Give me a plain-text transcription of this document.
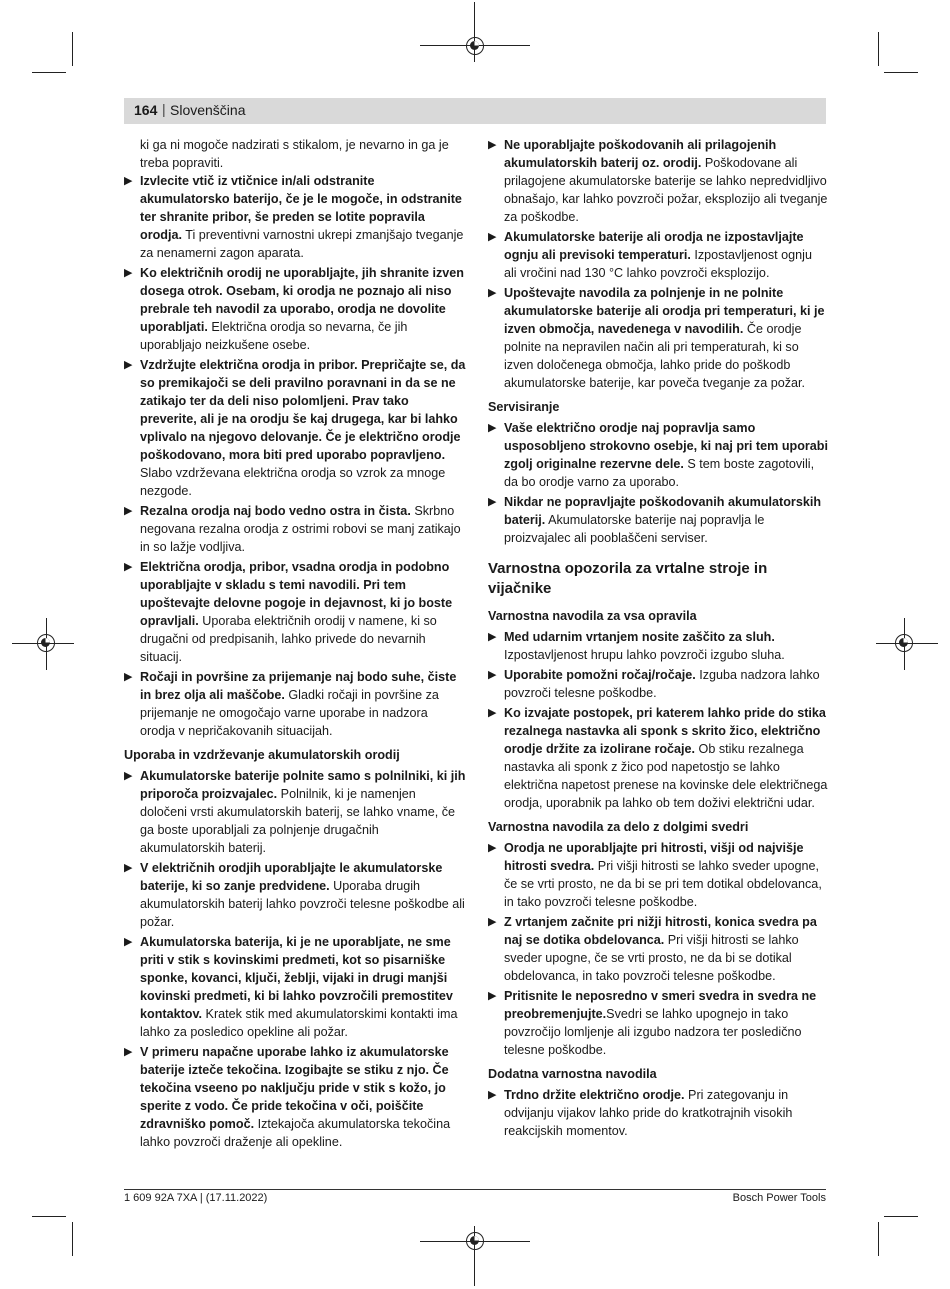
164 | Slovenščina

ki ga ni mogoče nadzirati s stikalom, je nevarno in ga je treba popraviti.

▶ Izvlecite vtič iz vtičnice in/ali odstranite akumulatorsko baterijo, če je le mogoče, in odstranite ter shranite pribor, še preden se lotite popravila orodja. Ti preventivni varnostni ukrepi zmanjšajo tveganje za nenamerni zagon aparata.
▶ Ko električnih orodij ne uporabljajte, jih shranite izven dosega otrok. Osebam, ki orodja ne poznajo ali niso prebrale teh navodil za uporabo, orodja ne dovolite uporabljati. Električna orodja so nevarna, če jih uporabljajo neizkušene osebe.
▶ Vzdržujte električna orodja in pribor. Prepričajte se, da so premikajoči se deli pravilno poravnani in da se ne zatikajo ter da deli niso polomljeni. Prav tako preverite, ali je na orodju še kaj drugega, kar bi lahko vplivalo na njegovo delovanje. Če je električno orodje poškodovano, mora biti pred uporabo popravljeno. Slabo vzdrževana električna orodja so vzrok za mnoge nezgode.
▶ Rezalna orodja naj bodo vedno ostra in čista. Skrbno negovana rezalna orodja z ostrimi robovi se manj zatikajo in so lažje vodljiva.
▶ Električna orodja, pribor, vsadna orodja in podobno uporabljajte v skladu s temi navodili. Pri tem upoštevajte delovne pogoje in dejavnost, ki jo boste opravljali. Uporaba električnih orodij v namene, ki so drugačni od predpisanih, lahko privede do nevarnih situacij.
▶ Ročaji in površine za prijemanje naj bodo suhe, čiste in brez olja ali maščobe. Gladki ročaji in površine za prijemanje ne omogočajo varne uporabe in nadzora orodja v nepričakovanih situacijah.

Uporaba in vzdrževanje akumulatorskih orodij

▶ Akumulatorske baterije polnite samo s polnilniki, ki jih priporoča proizvajalec. Polnilnik, ki je namenjen določeni vrsti akumulatorskih baterij, se lahko vname, če ga boste uporabljali za polnjenje drugačnih akumulatorskih baterij.
▶ V električnih orodjih uporabljajte le akumulatorske baterije, ki so zanje predvidene. Uporaba drugih akumulatorskih baterij lahko povzroči telesne poškodbe ali požar.
▶ Akumulatorska baterija, ki je ne uporabljate, ne sme priti v stik s kovinskimi predmeti, kot so pisarniške sponke, kovanci, ključi, žeblji, vijaki in drugi manjši kovinski predmeti, ki bi lahko povzročili premostitev kontaktov. Kratek stik med akumulatorskimi kontakti ima lahko za posledico opekline ali požar.
▶ V primeru napačne uporabe lahko iz akumulatorske baterije izteče tekočina. Izogibajte se stiku z njo. Če tekočina vseeno po naključju pride v stik s kožo, jo sperite z vodo. Če pride tekočina v oči, poiščite zdravniško pomoč. Iztekajoča akumulatorska tekočina lahko povzroči draženje ali opekline.
▶ Ne uporabljajte poškodovanih ali prilagojenih akumulatorskih baterij oz. orodij. Poškodovane ali prilagojene akumulatorske baterije se lahko nepredvidljivo obnašajo, kar lahko povzroči požar, eksplozijo ali tveganje za poškodbe.
▶ Akumulatorske baterije ali orodja ne izpostavljajte ognju ali previsoki temperaturi. Izpostavljenost ognju ali vročini nad 130 °C lahko povzroči eksplozijo.
▶ Upoštevajte navodila za polnjenje in ne polnite akumulatorske baterije ali orodja pri temperaturi, ki je izven območja, navedenega v navodilih. Če orodje polnite na nepravilen način ali pri temperaturah, ki so izven določenega območja, lahko pride do poškodb akumulatorske baterije, kar poveča tveganje za požar.

Servisiranje

▶ Vaše električno orodje naj popravlja samo usposobljeno strokovno osebje, ki naj pri tem uporabi zgolj originalne rezervne dele. S tem boste zagotovili, da bo orodje varno za uporabo.
▶ Nikdar ne popravljajte poškodovanih akumulatorskih baterij. Akumulatorske baterije naj popravlja le proizvajalec ali pooblaščeni serviser.

Varnostna opozorila za vrtalne stroje in vijačnike

Varnostna navodila za vsa opravila

▶ Med udarnim vrtanjem nosite zaščito za sluh. Izpostavljenost hrupu lahko povzroči izgubo sluha.
▶ Uporabite pomožni ročaj/ročaje. Izguba nadzora lahko povzroči telesne poškodbe.
▶ Ko izvajate postopek, pri katerem lahko pride do stika rezalnega nastavka ali sponk s skrito žico, električno orodje držite za izolirane ročaje. Ob stiku rezalnega nastavka ali sponk z žico pod napetostjo se lahko električna napetost prenese na kovinske dele električnega orodja, uporabnik pa lahko ob tem doživi električni udar.

Varnostna navodila za delo z dolgimi svedri

▶ Orodja ne uporabljajte pri hitrosti, višji od najvišje hitrosti svedra. Pri višji hitrosti se lahko sveder upogne, če se vrti prosto, ne da bi se pri tem dotikal obdelovanca, in tako povzroči telesne poškodbe.
▶ Z vrtanjem začnite pri nižji hitrosti, konica svedra pa naj se dotika obdelovanca. Pri višji hitrosti se lahko sveder upogne, če se vrti prosto, ne da bi se dotikal obdelovanca, in tako povzroči telesne poškodbe.
▶ Pritisnite le neposredno v smeri svedra in svedra ne preobremenjujte.Svedri se lahko upognejo in tako povzročijo lomljenje ali izgubo nadzora ter posledično telesne poškodbe.

Dodatna varnostna navodila

▶ Trdno držite električno orodje. Pri zategovanju in odvijanju vijakov lahko pride do kratkotrajnih visokih reakcijskih momentov.
1 609 92A 7XA | (17.11.2022)	Bosch Power Tools
